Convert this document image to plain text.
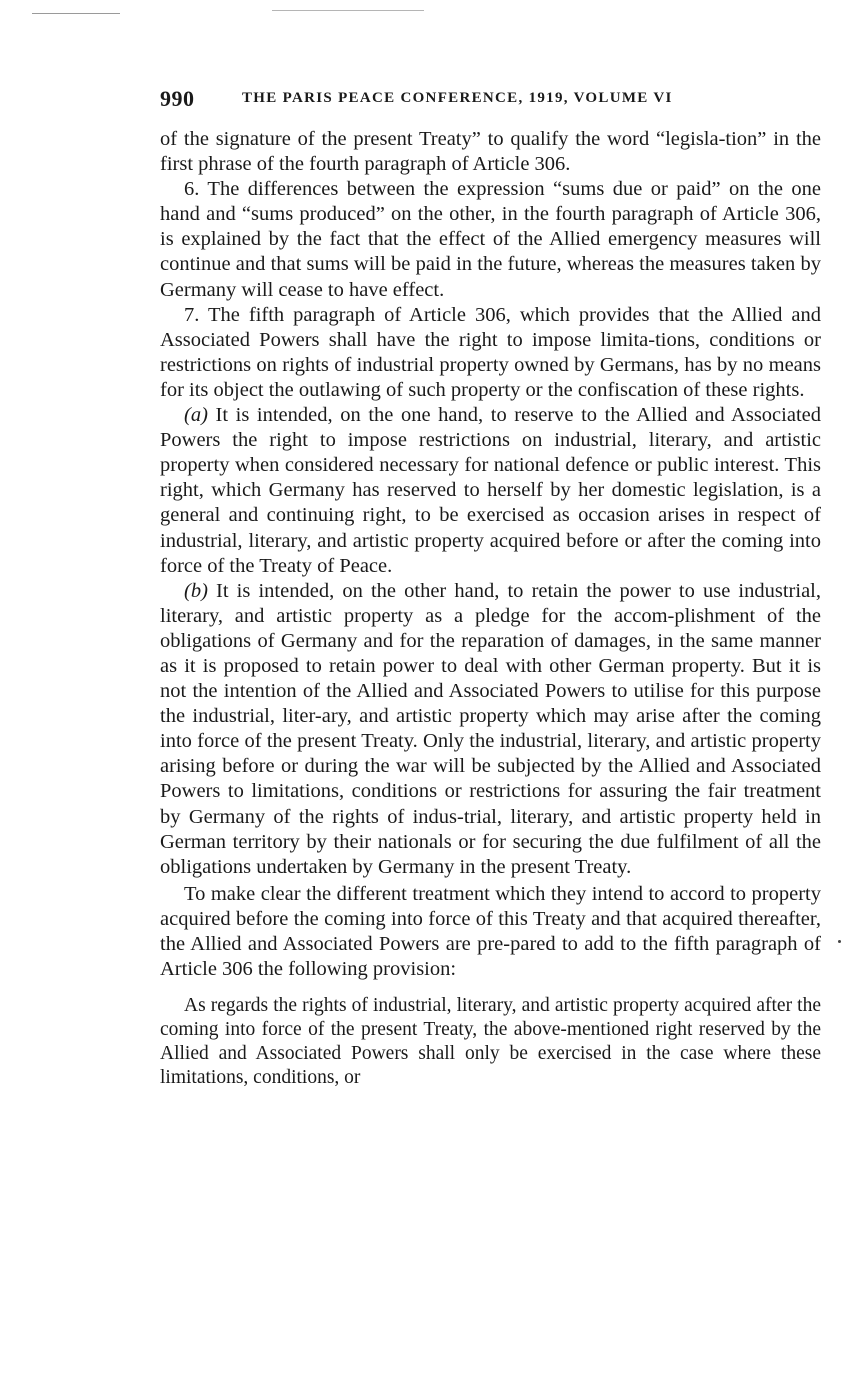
990	THE PARIS PEACE CONFERENCE, 1919, VOLUME VI

of the signature of the present Treaty” to qualify the word “legisla-tion” in the first phrase of the fourth paragraph of Article 306.

6. The differences between the expression “sums due or paid” on the one hand and “sums produced” on the other, in the fourth paragraph of Article 306, is explained by the fact that the effect of the Allied emergency measures will continue and that sums will be paid in the future, whereas the measures taken by Germany will cease to have effect.

7. The fifth paragraph of Article 306, which provides that the Allied and Associated Powers shall have the right to impose limita-tions, conditions or restrictions on rights of industrial property owned by Germans, has by no means for its object the outlawing of such property or the confiscation of these rights.

(a) It is intended, on the one hand, to reserve to the Allied and Associated Powers the right to impose restrictions on industrial, literary, and artistic property when considered necessary for national defence or public interest. This right, which Germany has reserved to herself by her domestic legislation, is a general and continuing right, to be exercised as occasion arises in respect of industrial, literary, and artistic property acquired before or after the coming into force of the Treaty of Peace.

(b) It is intended, on the other hand, to retain the power to use industrial, literary, and artistic property as a pledge for the accom-plishment of the obligations of Germany and for the reparation of damages, in the same manner as it is proposed to retain power to deal with other German property. But it is not the intention of the Allied and Associated Powers to utilise for this purpose the industrial, liter-ary, and artistic property which may arise after the coming into force of the present Treaty. Only the industrial, literary, and artistic property arising before or during the war will be subjected by the Allied and Associated Powers to limitations, conditions or restrictions for assuring the fair treatment by Germany of the rights of indus-trial, literary, and artistic property held in German territory by their nationals or for securing the due fulfilment of all the obligations undertaken by Germany in the present Treaty.

To make clear the different treatment which they intend to accord to property acquired before the coming into force of this Treaty and that acquired thereafter, the Allied and Associated Powers are pre-pared to add to the fifth paragraph of Article 306 the following provision:

As regards the rights of industrial, literary, and artistic property acquired after the coming into force of the present Treaty, the above-mentioned right reserved by the Allied and Associated Powers shall only be exercised in the case where these limitations, conditions, or
